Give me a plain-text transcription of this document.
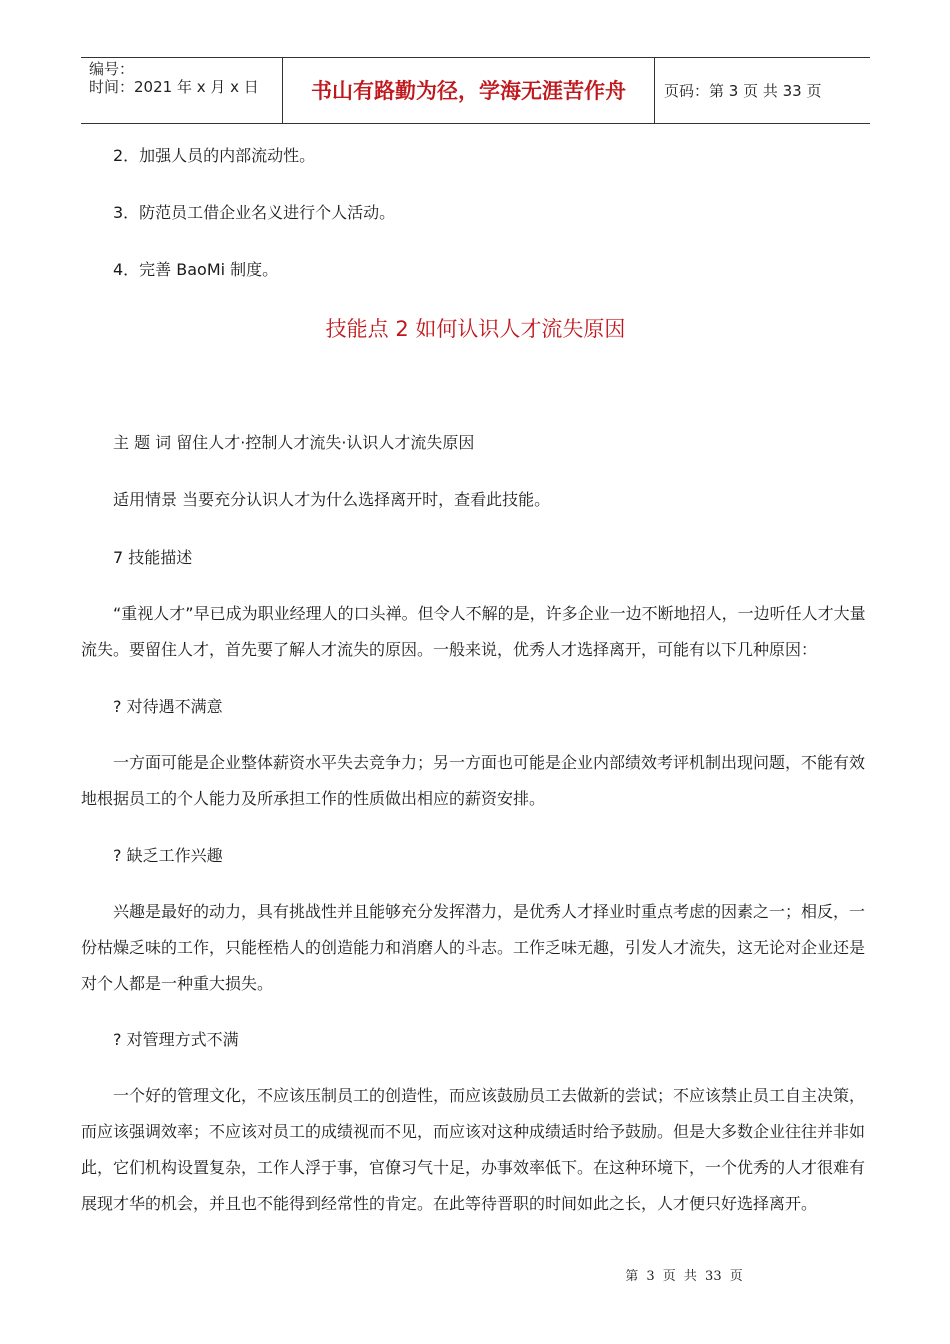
编号：
时间：2021 年 x 月 x 日	书山有路勤为径，学海无涯苦作舟	页码：第 3 页 共 33 页

2．加强人员的内部流动性。

3．防范员工借企业名义进行个人活动。

4．完善 BaoMi 制度。

技能点 2 如何认识人才流失原因

主 题 词 留住人才·控制人才流失·认识人才流失原因

适用情景 当要充分认识人才为什么选择离开时，查看此技能。

7 技能描述

“重视人才”早已成为职业经理人的口头禅。但令人不解的是，许多企业一边不断地招人，一边听任人才大量流失。要留住人才，首先要了解人才流失的原因。一般来说，优秀人才选择离开，可能有以下几种原因：

? 对待遇不满意

一方面可能是企业整体薪资水平失去竞争力；另一方面也可能是企业内部绩效考评机制出现问题，不能有效地根据员工的个人能力及所承担工作的性质做出相应的薪资安排。

? 缺乏工作兴趣

兴趣是最好的动力，具有挑战性并且能够充分发挥潜力，是优秀人才择业时重点考虑的因素之一；相反，一份枯燥乏味的工作，只能桎梏人的创造能力和消磨人的斗志。工作乏味无趣，引发人才流失，这无论对企业还是对个人都是一种重大损失。

? 对管理方式不满

一个好的管理文化，不应该压制员工的创造性，而应该鼓励员工去做新的尝试；不应该禁止员工自主决策，而应该强调效率；不应该对员工的成绩视而不见，而应该对这种成绩适时给予鼓励。但是大多数企业往往并非如此，它们机构设置复杂，工作人浮于事，官僚习气十足，办事效率低下。在这种环境下，一个优秀的人才很难有展现才华的机会，并且也不能得到经常性的肯定。在此等待晋职的时间如此之长，人才便只好选择离开。

第 3 页 共 33 页
